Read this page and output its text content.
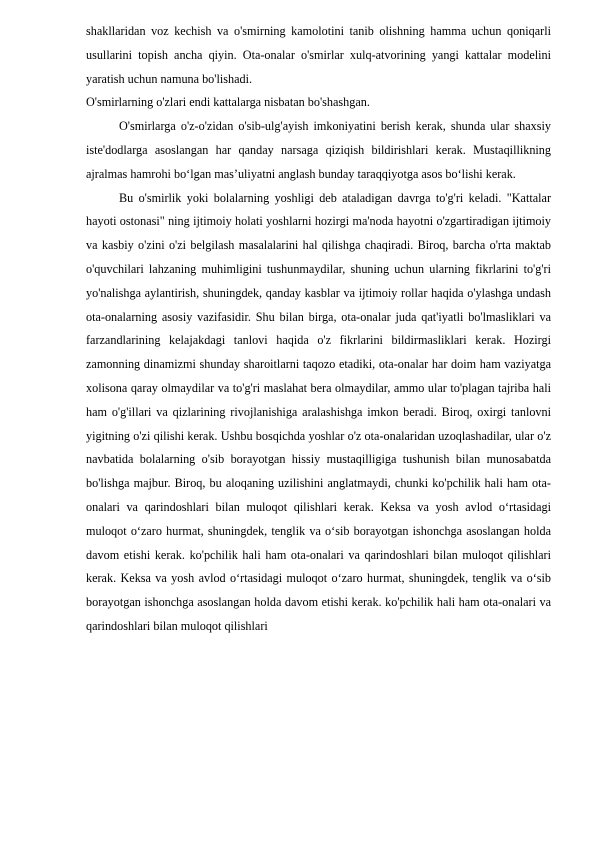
shakllaridan voz kechish va o'smirning kamolotini tanib olishning hamma uchun qoniqarli usullarini topish ancha qiyin. Ota-onalar o'smirlar xulq-atvorining yangi kattalar modelini yaratish uchun namuna bo'lishadi.

O'smirlarning o'zlari endi kattalarga nisbatan bo'shashgan.

O'smirlarga o'z-o'zidan o'sib-ulg'ayish imkoniyatini berish kerak, shunda ular shaxsiy iste'dodlarga asoslangan har qanday narsaga qiziqish bildirishlari kerak. Mustaqillikning ajralmas hamrohi bo‘lgan mas’uliyatni anglash bunday taraqqiyotga asos bo‘lishi kerak.

Bu o'smirlik yoki bolalarning yoshligi deb ataladigan davrga to'g'ri keladi. "Kattalar hayoti ostonasi" ning ijtimoiy holati yoshlarni hozirgi ma'noda hayotni o'zgartiradigan ijtimoiy va kasbiy o'zini o'zi belgilash masalalarini hal qilishga chaqiradi. Biroq, barcha o'rta maktab o'quvchilari lahzaning muhimligini tushunmaydilar, shuning uchun ularning fikrlarini to'g'ri yo'nalishga aylantirish, shuningdek, qanday kasblar va ijtimoiy rollar haqida o'ylashga undash ota-onalarning asosiy vazifasidir. Shu bilan birga, ota-onalar juda qat'iyatli bo'lmasliklari va farzandlarining kelajakdagi tanlovi haqida o'z fikrlarini bildirmasliklari kerak. Hozirgi zamonning dinamizmi shunday sharoitlarni taqozo etadiki, ota-onalar har doim ham vaziyatga xolisona qaray olmaydilar va to'g'ri maslahat bera olmaydilar, ammo ular to'plagan tajriba hali ham o'g'illari va qizlarining rivojlanishiga aralashishga imkon beradi. Biroq, oxirgi tanlovni yigitning o'zi qilishi kerak. Ushbu bosqichda yoshlar o'z ota-onalaridan uzoqlashadilar, ular o'z navbatida bolalarning o'sib borayotgan hissiy mustaqilligiga tushunish bilan munosabatda bo'lishga majbur. Biroq, bu aloqaning uzilishini anglatmaydi, chunki ko'pchilik hali ham ota-onalari va qarindoshlari bilan muloqot qilishlari kerak. Keksa va yosh avlod o‘rtasidagi muloqot o‘zaro hurmat, shuningdek, tenglik va o‘sib borayotgan ishonchga asoslangan holda davom etishi kerak. ko'pchilik hali ham ota-onalari va qarindoshlari bilan muloqot qilishlari kerak. Keksa va yosh avlod o‘rtasidagi muloqot o‘zaro hurmat, shuningdek, tenglik va o‘sib borayotgan ishonchga asoslangan holda davom etishi kerak. ko'pchilik hali ham ota-onalari va qarindoshlari bilan muloqot qilishlari
